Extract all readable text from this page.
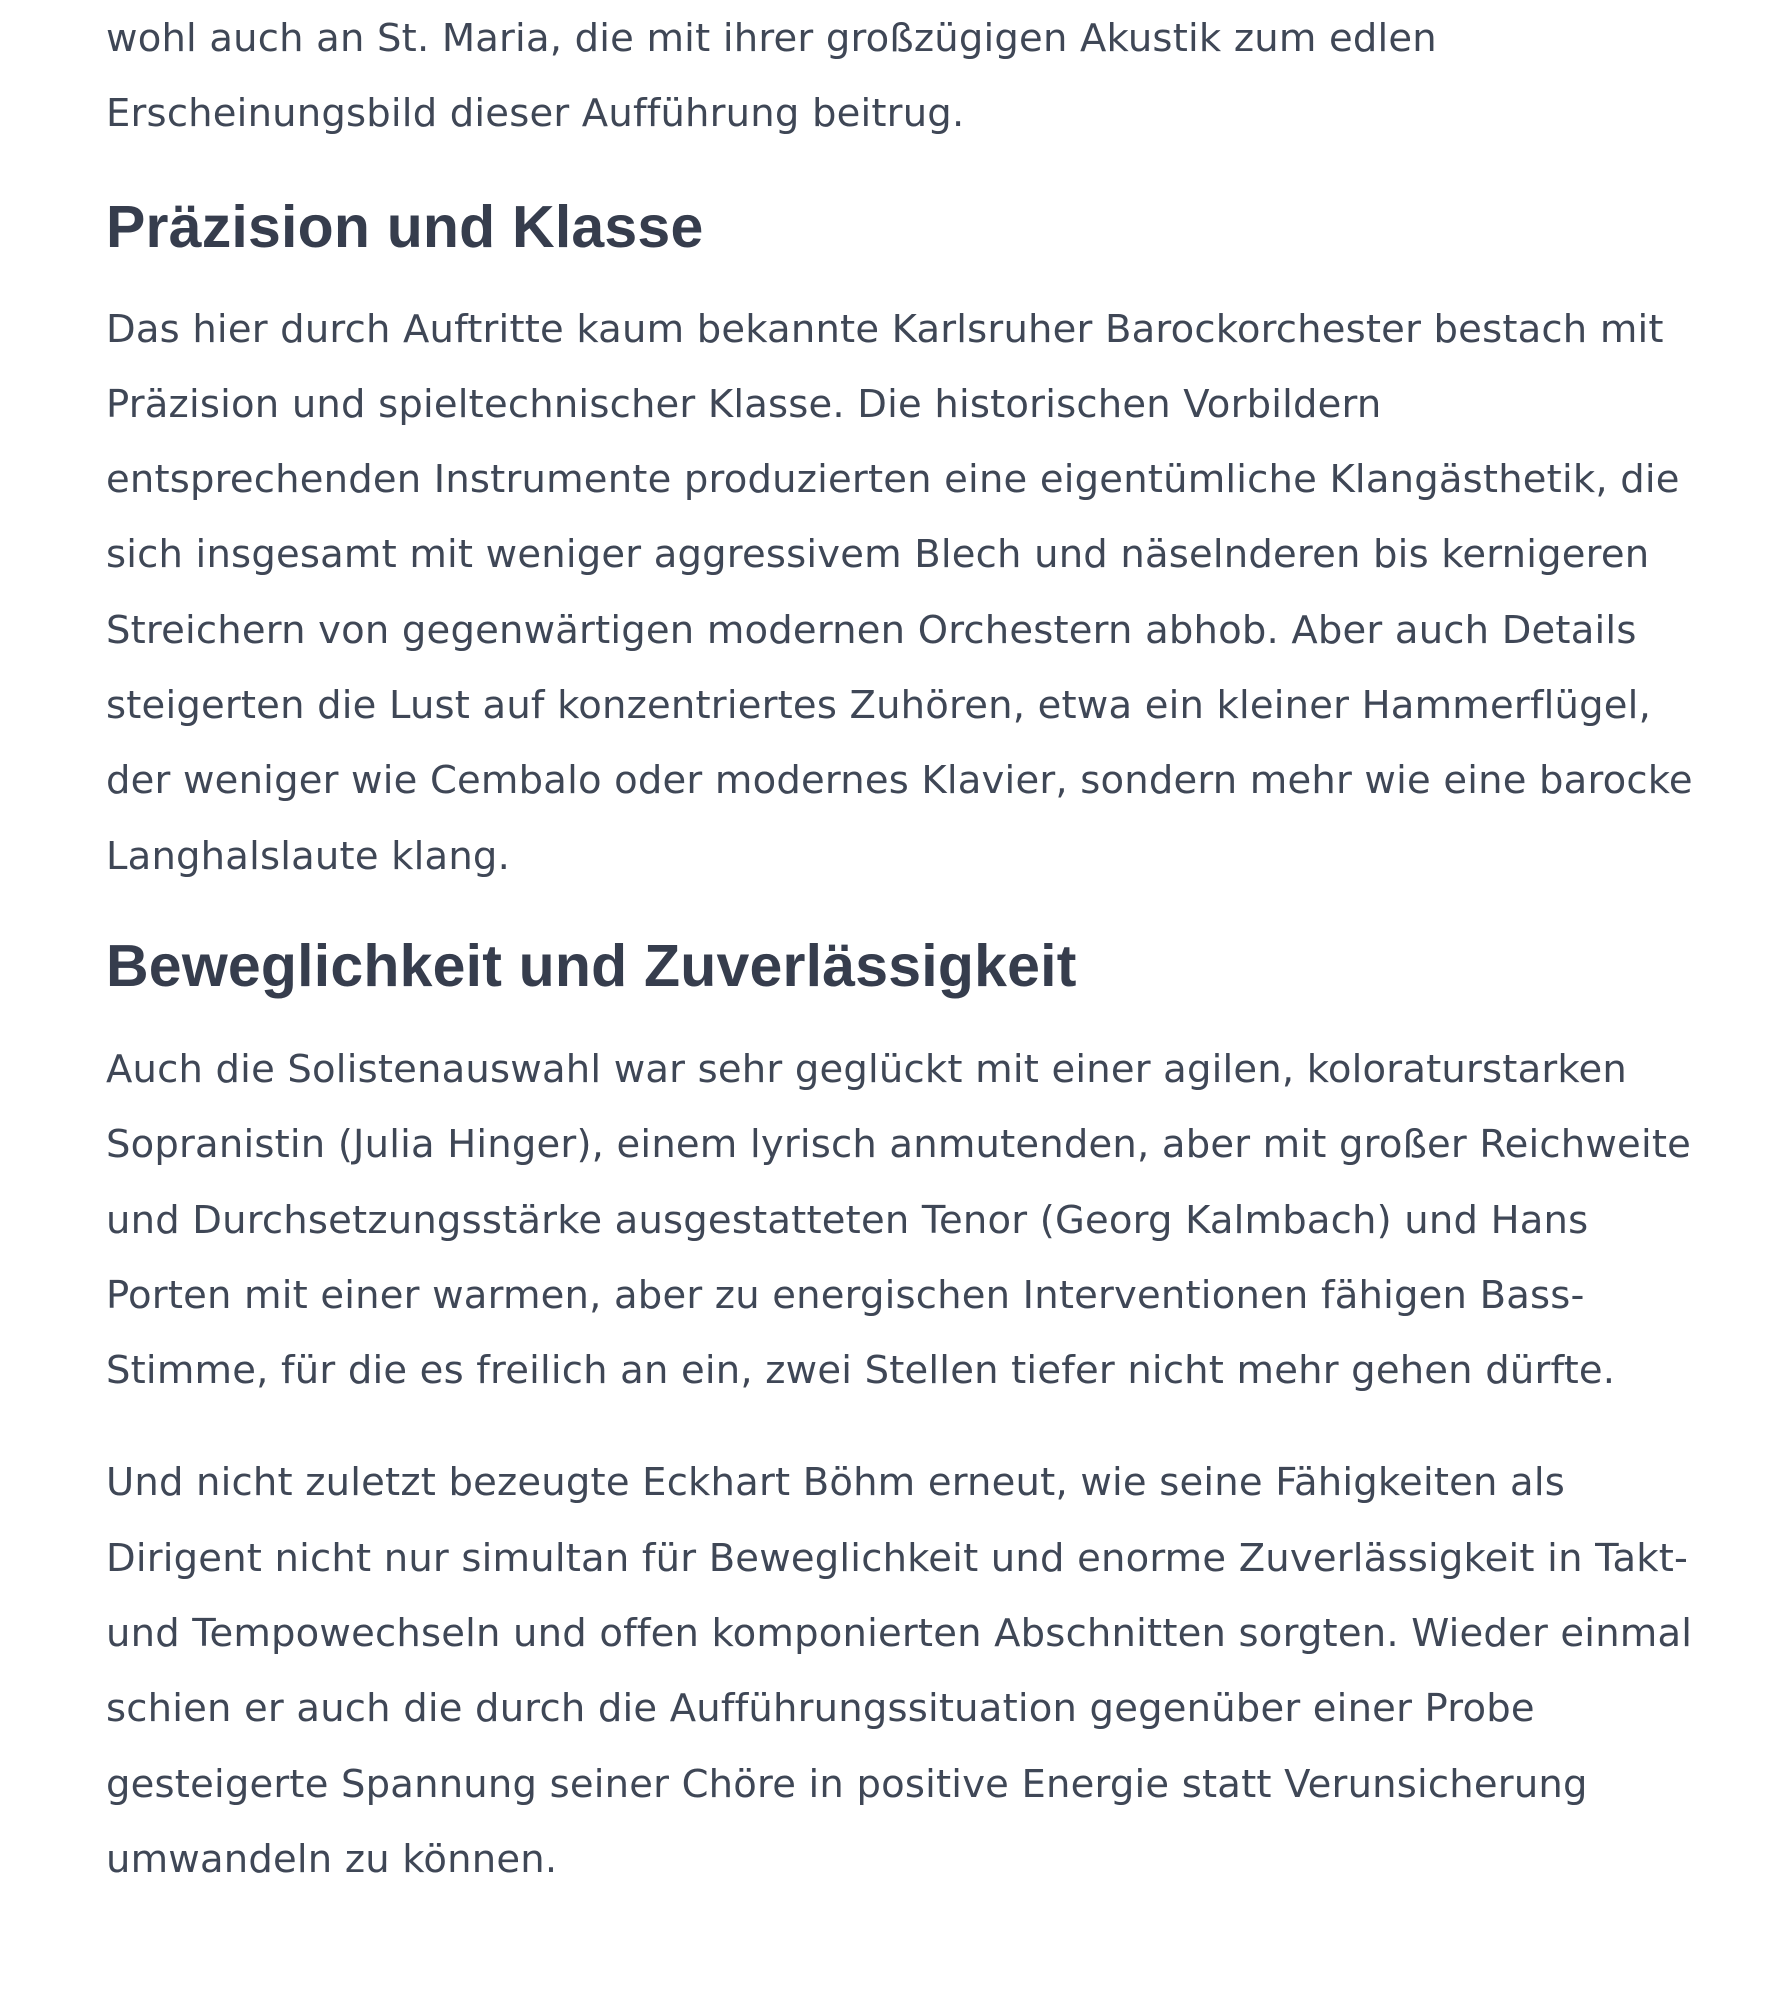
wohl auch an St. Maria, die mit ihrer großzügigen Akustik zum edlen Erscheinungsbild dieser Aufführung beitrug.

Präzision und Klasse

Das hier durch Auftritte kaum bekannte Karlsruher Barockorchester bestach mit Präzision und spieltechnischer Klasse. Die historischen Vorbildern entsprechenden Instrumente produzierten eine eigentümliche Klangästhetik, die sich insgesamt mit weniger aggressivem Blech und näselnderen bis kernigeren Streichern von gegenwärtigen modernen Orchestern abhob. Aber auch Details steigerten die Lust auf konzentriertes Zuhören, etwa ein kleiner Hammerflügel, der weniger wie Cembalo oder modernes Klavier, sondern mehr wie eine barocke Langhalslaute klang.

Beweglichkeit und Zuverlässigkeit

Auch die Solistenauswahl war sehr geglückt mit einer agilen, koloraturstarken Sopranistin (Julia Hinger), einem lyrisch anmutenden, aber mit großer Reichweite und Durchsetzungsstärke ausgestatteten Tenor (Georg Kalmbach) und Hans Porten mit einer warmen, aber zu energischen Interventionen fähigen Bass-Stimme, für die es freilich an ein, zwei Stellen tiefer nicht mehr gehen dürfte.

Und nicht zuletzt bezeugte Eckhart Böhm erneut, wie seine Fähigkeiten als Dirigent nicht nur simultan für Beweglichkeit und enorme Zuverlässigkeit in Takt- und Tempowechseln und offen komponierten Abschnitten sorgten. Wieder einmal schien er auch die durch die Aufführungssituation gegenüber einer Probe gesteigerte Spannung seiner Chöre in positive Energie statt Verunsicherung umwandeln zu können.
